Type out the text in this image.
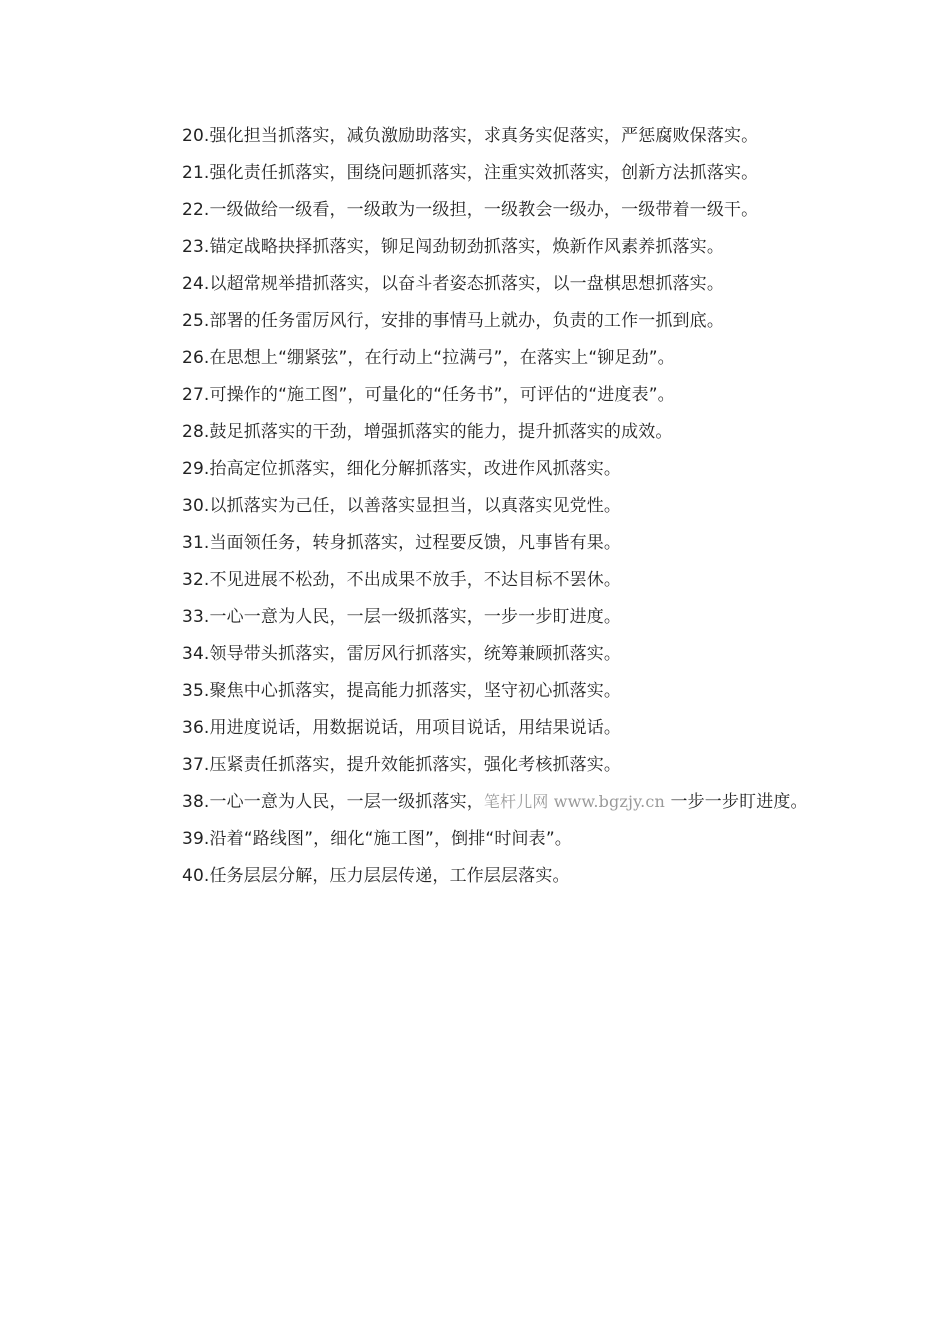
20.强化担当抓落实，减负激励助落实，求真务实促落实，严惩腐败保落实。

21.强化责任抓落实，围绕问题抓落实，注重实效抓落实，创新方法抓落实。

22.一级做给一级看，一级敢为一级担，一级教会一级办，一级带着一级干。

23.锚定战略抉择抓落实，铆足闯劲韧劲抓落实，焕新作风素养抓落实。

24.以超常规举措抓落实，以奋斗者姿态抓落实，以一盘棋思想抓落实。

25.部署的任务雷厉风行，安排的事情马上就办，负责的工作一抓到底。

26.在思想上“绷紧弦”，在行动上“拉满弓”，在落实上“铆足劲”。

27.可操作的“施工图”，可量化的“任务书”，可评估的“进度表”。

28.鼓足抓落实的干劲，增强抓落实的能力，提升抓落实的成效。

29.抬高定位抓落实，细化分解抓落实，改进作风抓落实。

30.以抓落实为己任，以善落实显担当，以真落实见党性。

31.当面领任务，转身抓落实，过程要反馈，凡事皆有果。

32.不见进展不松劲，不出成果不放手，不达目标不罢休。

33.一心一意为人民，一层一级抓落实，一步一步盯进度。

34.领导带头抓落实，雷厉风行抓落实，统筹兼顾抓落实。

35.聚焦中心抓落实，提高能力抓落实，坚守初心抓落实。

36.用进度说话，用数据说话，用项目说话，用结果说话。

37.压紧责任抓落实，提升效能抓落实，强化考核抓落实。

38.一心一意为人民，一层一级抓落实，笔杆儿网 www.bgzjy.cn 一步一步盯进度。

39.沿着“路线图”，细化“施工图”，倒排“时间表”。

40.任务层层分解，压力层层传递，工作层层落实。
